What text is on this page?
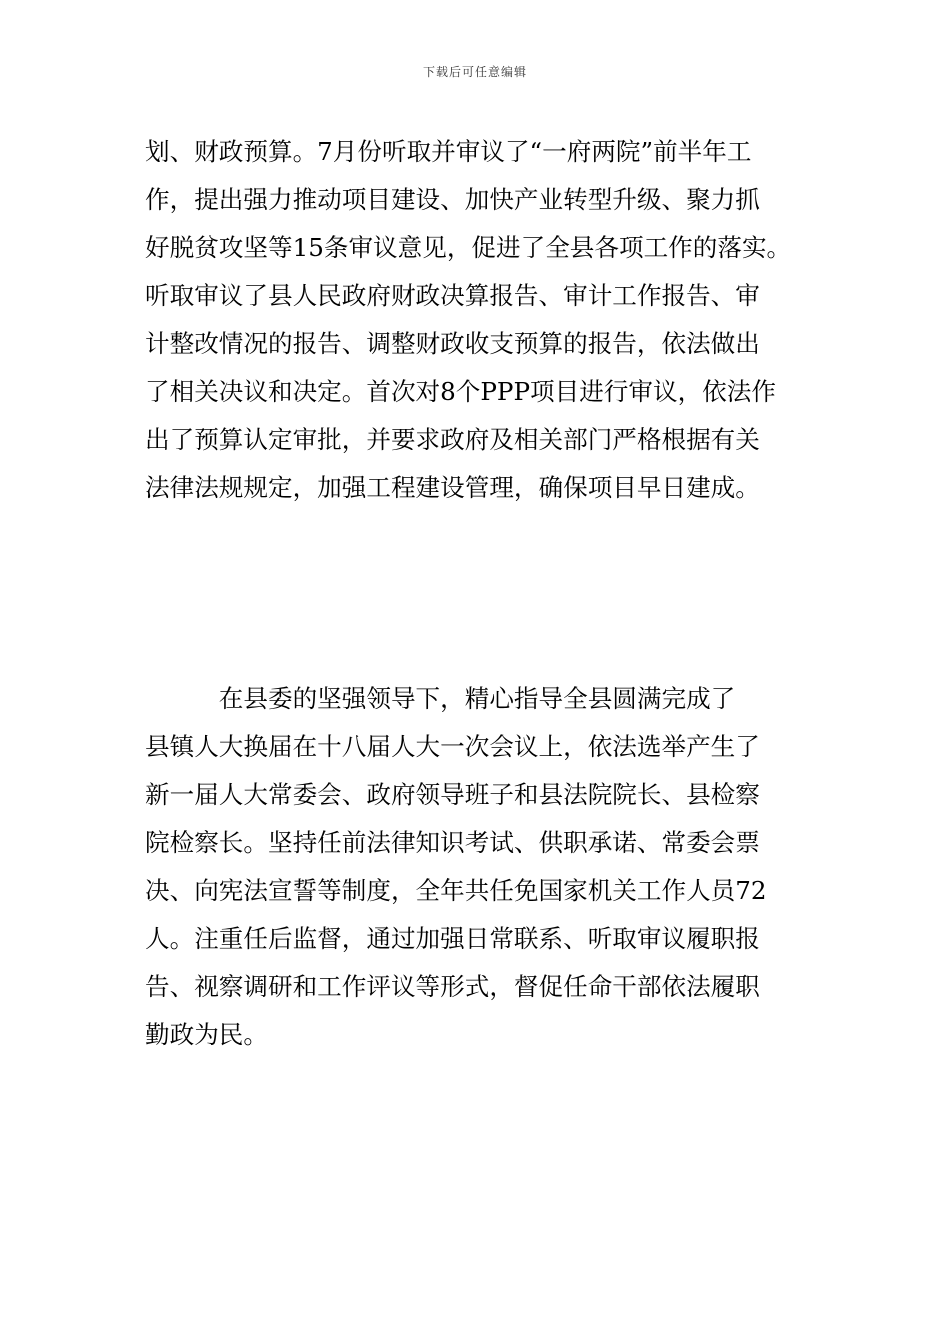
下载后可任意编辑
划、财政预算。7月份听取并审议了“一府两院”前半年工
作，提出强力推动项目建设、加快产业转型升级、聚力抓
好脱贫攻坚等15条审议意见，促进了全县各项工作的落实。
听取审议了县人民政府财政决算报告、审计工作报告、审
计整改情况的报告、调整财政收支预算的报告，依法做出
了相关决议和决定。首次对8个PPP项目进行审议，依法作
出了预算认定审批，并要求政府及相关部门严格根据有关
法律法规规定，加强工程建设管理，确保项目早日建成。
　　　在县委的坚强领导下，精心指导全县圆满完成了
县镇人大换届在十八届人大一次会议上，依法选举产生了
新一届人大常委会、政府领导班子和县法院院长、县检察
院检察长。坚持任前法律知识考试、供职承诺、常委会票
决、向宪法宣誓等制度，全年共任免国家机关工作人员72
人。注重任后监督，通过加强日常联系、听取审议履职报
告、视察调研和工作评议等形式，督促任命干部依法履职
勤政为民。
